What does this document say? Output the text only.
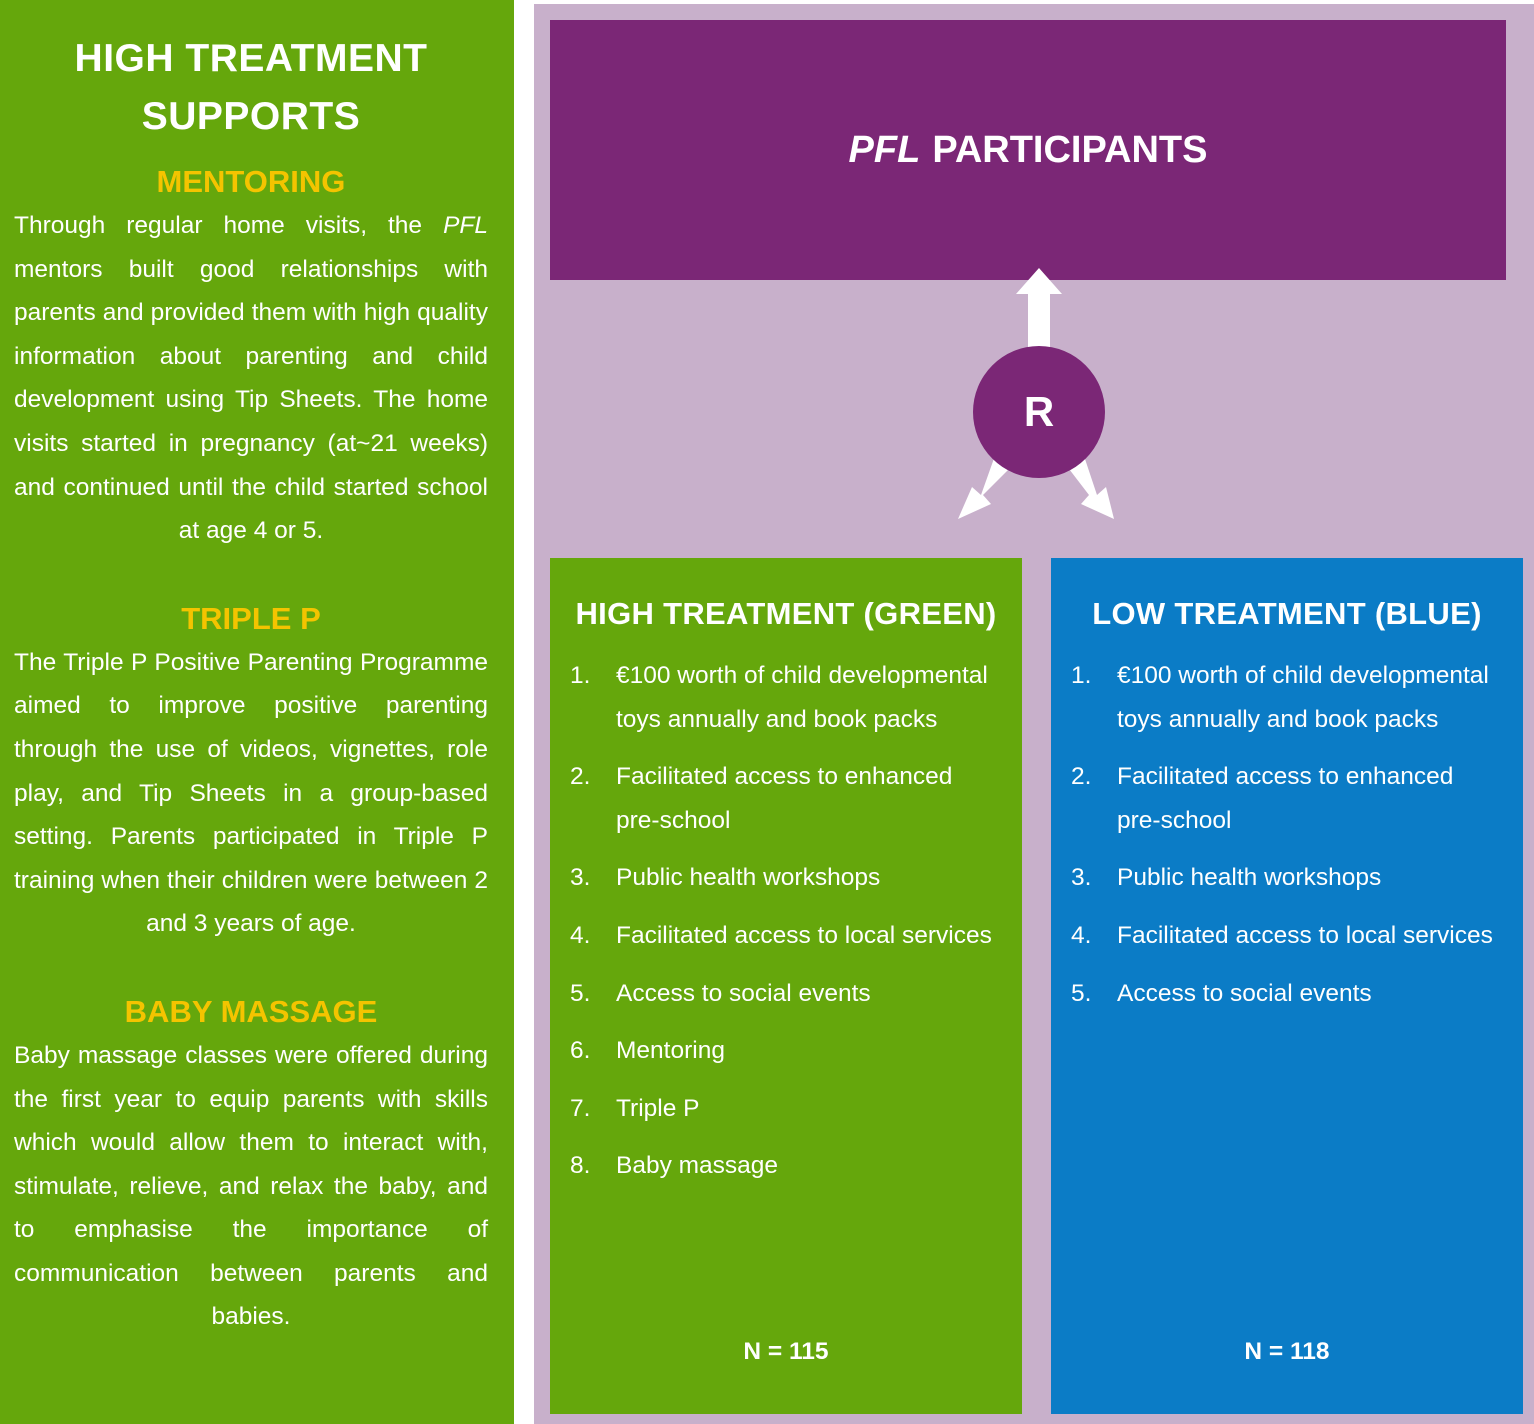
HIGH TREATMENT
SUPPORTS
MENTORING

Through regular home visits, the PFL mentors built good relationships with parents and provided them with high quality information about parenting and child development using Tip Sheets. The home visits started in pregnancy (at~21 weeks) and continued until the child started school at age 4 or 5.

TRIPLE P

The Triple P Positive Parenting Programme aimed to improve positive parenting through the use of videos, vignettes, role play, and Tip Sheets in a group-based setting. Parents participated in Triple P training when their children were between 2 and 3 years of age.

BABY MASSAGE

Baby massage classes were offered during the first year to equip parents with skills which would allow them to interact with, stimulate, relieve, and relax the baby, and to emphasise the importance of communication between parents and babies.

PFL PARTICIPANTS
R
HIGH TREATMENT (GREEN)
1. €100 worth of child developmental toys annually and book packs
2. Facilitated access to enhanced pre-school
3. Public health workshops
4. Facilitated access to local services
5. Access to social events
6. Mentoring
7. Triple P
8. Baby massage
N = 115
LOW TREATMENT (BLUE)
1. €100 worth of child developmental toys annually and book packs
2. Facilitated access to enhanced pre-school
3. Public health workshops
4. Facilitated access to local services
5. Access to social events
N = 118
